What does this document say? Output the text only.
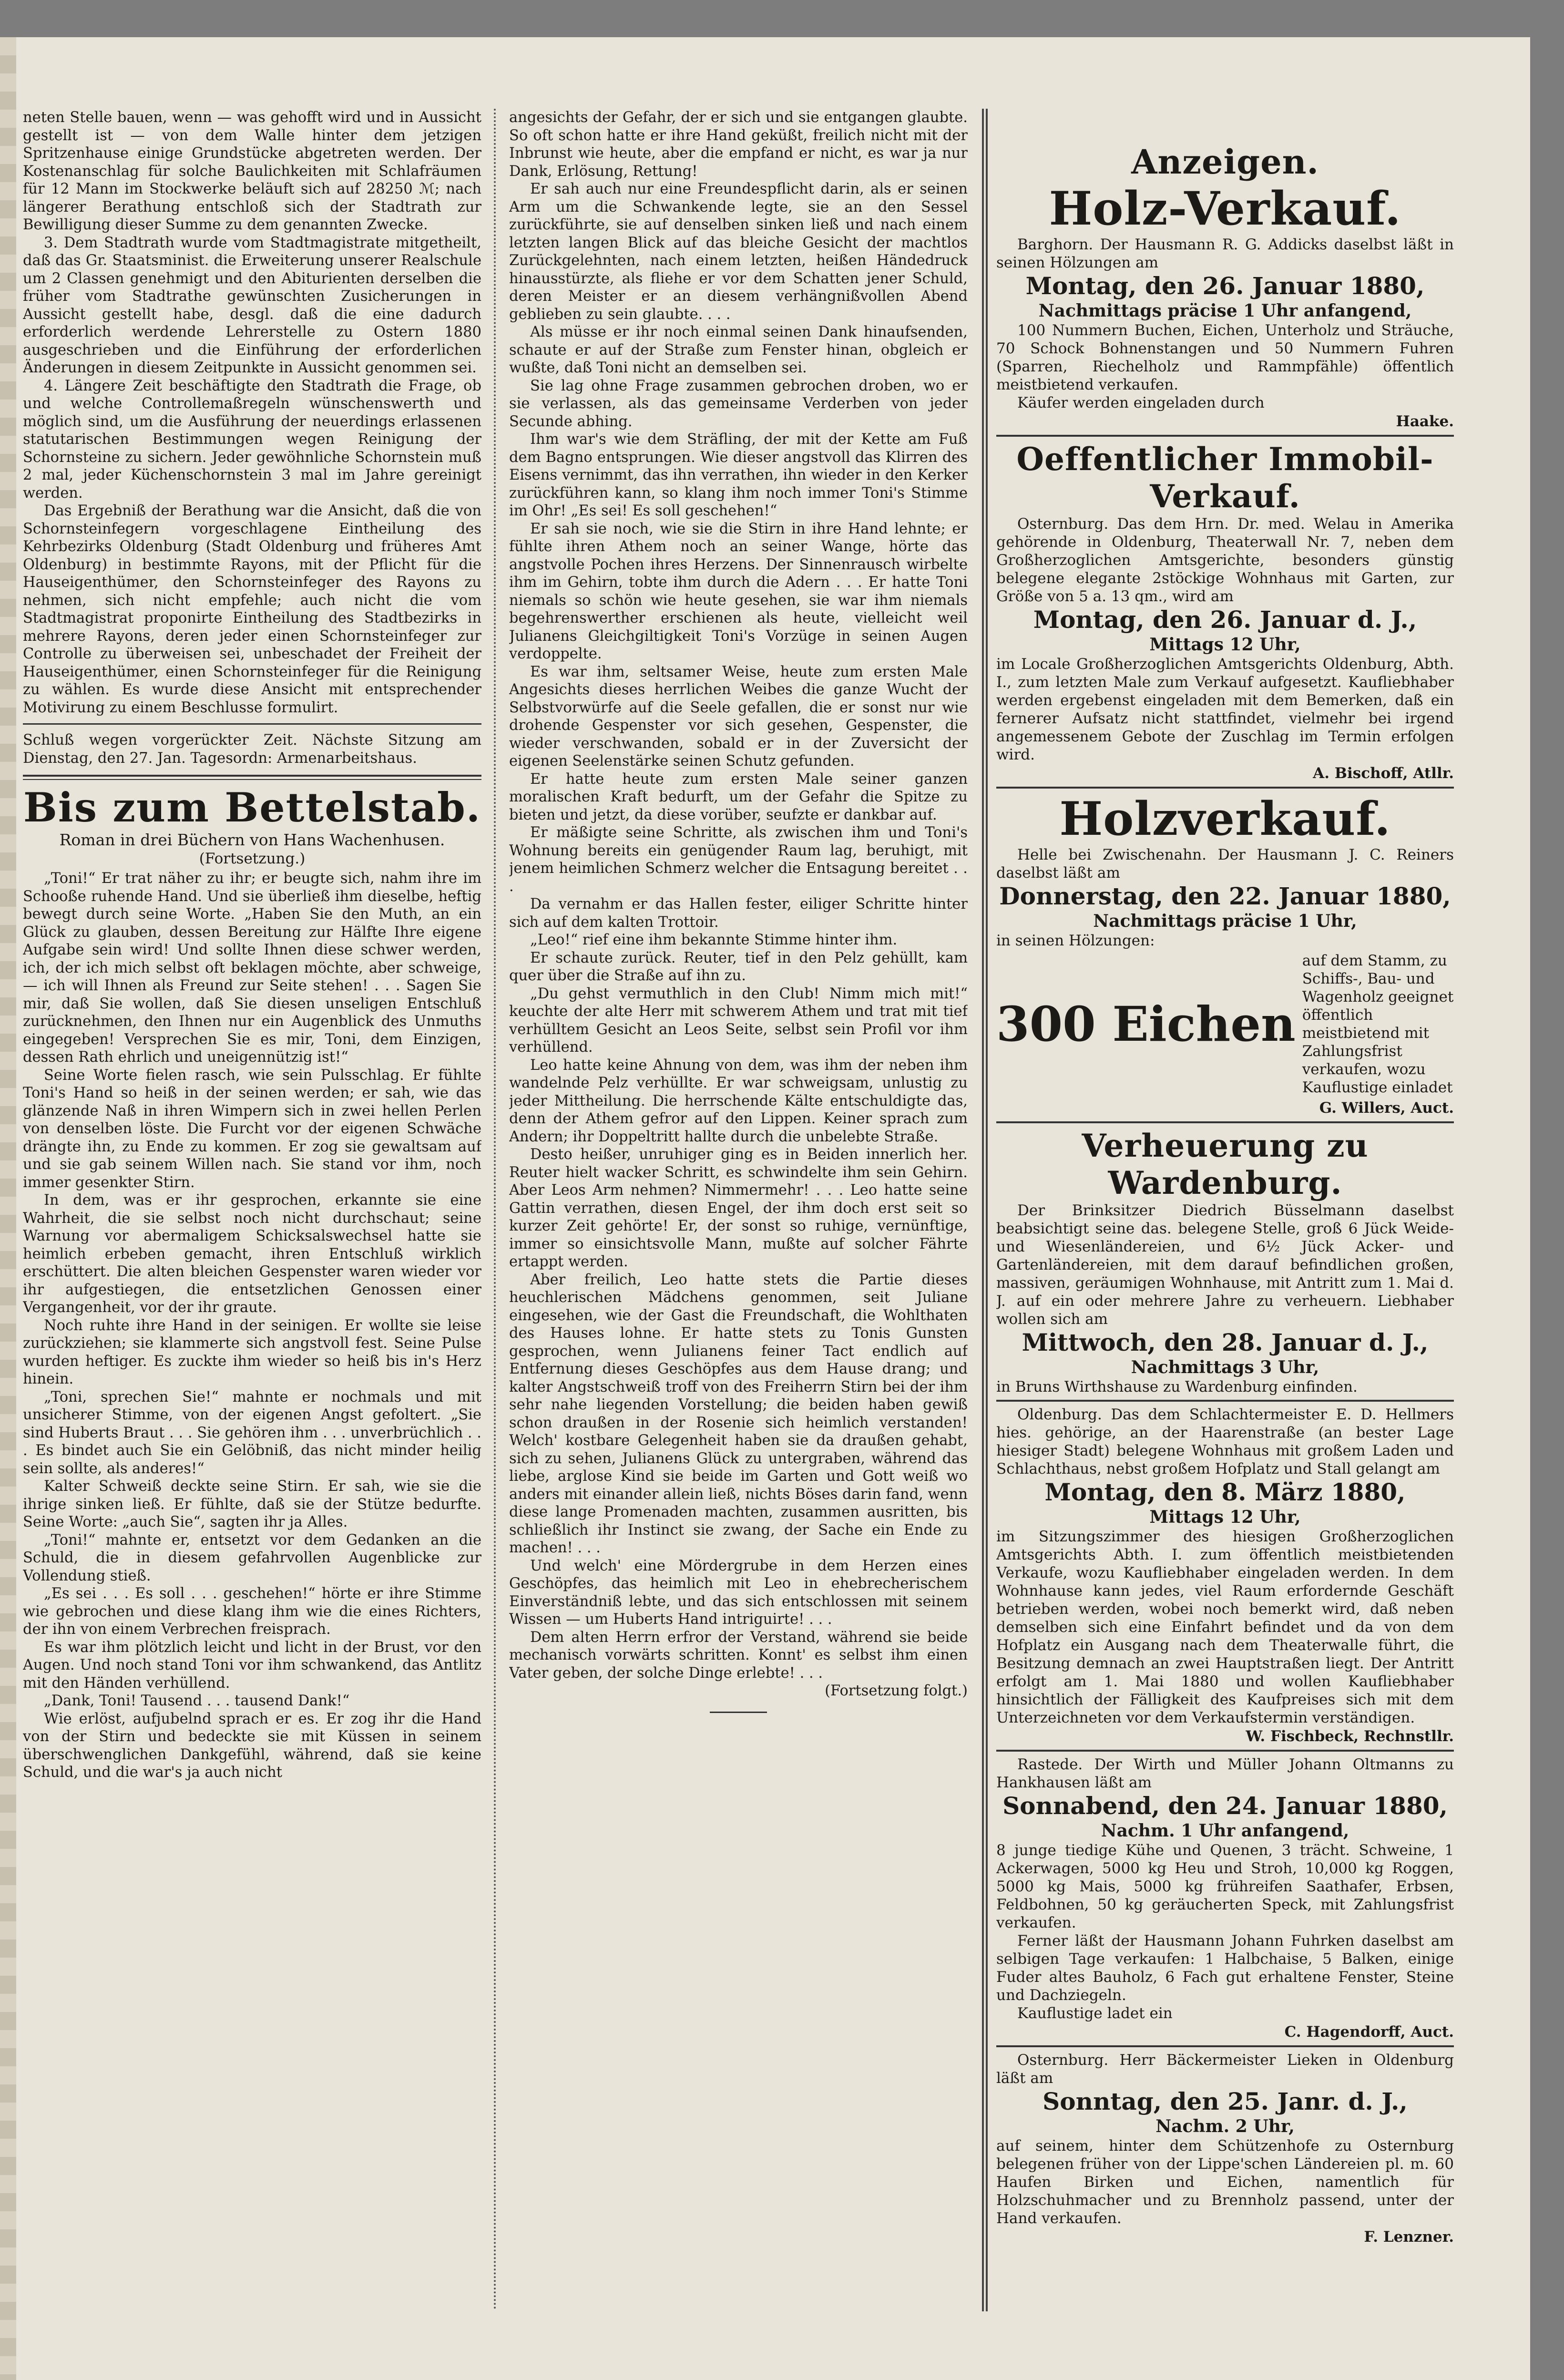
neten Stelle bauen, wenn — was gehofft wird und in Aussicht gestellt ist — von dem Walle hinter dem jetzigen Spritzenhause einige Grundstücke abgetreten werden. Der Kostenanschlag für solche Baulichkeiten mit Schlafräumen für 12 Mann im Stockwerke beläuft sich auf 28250 ℳ; nach längerer Berathung entschloß sich der Stadtrath zur Bewilligung dieser Summe zu dem genannten Zwecke.

3. Dem Stadtrath wurde vom Stadtmagistrate mitgetheilt, daß das Gr. Staatsminist. die Erweiterung unserer Realschule um 2 Classen genehmigt und den Abiturienten derselben die früher vom Stadtrathe gewünschten Zusicherungen in Aussicht gestellt habe, desgl. daß die eine dadurch erforderlich werdende Lehrerstelle zu Ostern 1880 ausgeschrieben und die Einführung der erforderlichen Änderungen in diesem Zeitpunkte in Aussicht genommen sei.

4. Längere Zeit beschäftigte den Stadtrath die Frage, ob und welche Controllemaßregeln wünschenswerth und möglich sind, um die Ausführung der neuerdings erlassenen statutarischen Bestimmungen wegen Reinigung der Schornsteine zu sichern. Jeder gewöhnliche Schornstein muß 2 mal, jeder Küchenschornstein 3 mal im Jahre gereinigt werden.

Das Ergebniß der Berathung war die Ansicht, daß die von Schornsteinfegern vorgeschlagene Eintheilung des Kehrbezirks Oldenburg (Stadt Oldenburg und früheres Amt Oldenburg) in bestimmte Rayons, mit der Pflicht für die Hauseigenthümer, den Schornsteinfeger des Rayons zu nehmen, sich nicht empfehle; auch nicht die vom Stadtmagistrat proponirte Eintheilung des Stadtbezirks in mehrere Rayons, deren jeder einen Schornsteinfeger zur Controlle zu überweisen sei, unbeschadet der Freiheit der Hauseigenthümer, einen Schornsteinfeger für die Reinigung zu wählen. Es wurde diese Ansicht mit entsprechender Motivirung zu einem Beschlusse formulirt.

Schluß wegen vorgerückter Zeit. Nächste Sitzung am Dienstag, den 27. Jan. Tagesordn: Armenarbeitshaus.

Bis zum Bettelstab.

Roman in drei Büchern von Hans Wachenhusen.

(Fortsetzung.)

„Toni!“ Er trat näher zu ihr; er beugte sich, nahm ihre im Schooße ruhende Hand. Und sie überließ ihm dieselbe, heftig bewegt durch seine Worte. „Haben Sie den Muth, an ein Glück zu glauben, dessen Bereitung zur Hälfte Ihre eigene Aufgabe sein wird! Und sollte Ihnen diese schwer werden, ich, der ich mich selbst oft beklagen möchte, aber schweige, — ich will Ihnen als Freund zur Seite stehen! . . . Sagen Sie mir, daß Sie wollen, daß Sie diesen unseligen Entschluß zurücknehmen, den Ihnen nur ein Augenblick des Unmuths eingegeben! Versprechen Sie es mir, Toni, dem Einzigen, dessen Rath ehrlich und uneigennützig ist!“

Seine Worte fielen rasch, wie sein Pulsschlag. Er fühlte Toni's Hand so heiß in der seinen werden; er sah, wie das glänzende Naß in ihren Wimpern sich in zwei hellen Perlen von denselben löste. Die Furcht vor der eigenen Schwäche drängte ihn, zu Ende zu kommen. Er zog sie gewaltsam auf und sie gab seinem Willen nach. Sie stand vor ihm, noch immer gesenkter Stirn.

In dem, was er ihr gesprochen, erkannte sie eine Wahrheit, die sie selbst noch nicht durchschaut; seine Warnung vor abermaligem Schicksalswechsel hatte sie heimlich erbeben gemacht, ihren Entschluß wirklich erschüttert. Die alten bleichen Gespenster waren wieder vor ihr aufgestiegen, die entsetzlichen Genossen einer Vergangenheit, vor der ihr graute.

Noch ruhte ihre Hand in der seinigen. Er wollte sie leise zurückziehen; sie klammerte sich angstvoll fest. Seine Pulse wurden heftiger. Es zuckte ihm wieder so heiß bis in's Herz hinein.

„Toni, sprechen Sie!“ mahnte er nochmals und mit unsicherer Stimme, von der eigenen Angst gefoltert. „Sie sind Huberts Braut . . . Sie gehören ihm . . . unverbrüchlich . . . Es bindet auch Sie ein Gelöbniß, das nicht minder heilig sein sollte, als anderes!“

Kalter Schweiß deckte seine Stirn. Er sah, wie sie die ihrige sinken ließ. Er fühlte, daß sie der Stütze bedurfte. Seine Worte: „auch Sie“, sagten ihr ja Alles.

„Toni!“ mahnte er, entsetzt vor dem Gedanken an die Schuld, die in diesem gefahrvollen Augenblicke zur Vollendung stieß.

„Es sei . . . Es soll . . . geschehen!“ hörte er ihre Stimme wie gebrochen und diese klang ihm wie die eines Richters, der ihn von einem Verbrechen freisprach.

Es war ihm plötzlich leicht und licht in der Brust, vor den Augen. Und noch stand Toni vor ihm schwankend, das Antlitz mit den Händen verhüllend.

„Dank, Toni! Tausend . . . tausend Dank!“

Wie erlöst, aufjubelnd sprach er es. Er zog ihr die Hand von der Stirn und bedeckte sie mit Küssen in seinem überschwenglichen Dankgefühl, während, daß sie keine Schuld, und die war's ja auch nicht

angesichts der Gefahr, der er sich und sie entgangen glaubte. So oft schon hatte er ihre Hand geküßt, freilich nicht mit der Inbrunst wie heute, aber die empfand er nicht, es war ja nur Dank, Erlösung, Rettung!

Er sah auch nur eine Freundespflicht darin, als er seinen Arm um die Schwankende legte, sie an den Sessel zurückführte, sie auf denselben sinken ließ und nach einem letzten langen Blick auf das bleiche Gesicht der machtlos Zurückgelehnten, nach einem letzten, heißen Händedruck hinausstürzte, als fliehe er vor dem Schatten jener Schuld, deren Meister er an diesem verhängnißvollen Abend geblieben zu sein glaubte. . . .

Als müsse er ihr noch einmal seinen Dank hinaufsenden, schaute er auf der Straße zum Fenster hinan, obgleich er wußte, daß Toni nicht an demselben sei.

Sie lag ohne Frage zusammen gebrochen droben, wo er sie verlassen, als das gemeinsame Verderben von jeder Secunde abhing.

Ihm war's wie dem Sträfling, der mit der Kette am Fuß dem Bagno entsprungen. Wie dieser angstvoll das Klirren des Eisens vernimmt, das ihn verrathen, ihn wieder in den Kerker zurückführen kann, so klang ihm noch immer Toni's Stimme im Ohr! „Es sei! Es soll geschehen!“

Er sah sie noch, wie sie die Stirn in ihre Hand lehnte; er fühlte ihren Athem noch an seiner Wange, hörte das angstvolle Pochen ihres Herzens. Der Sinnenrausch wirbelte ihm im Gehirn, tobte ihm durch die Adern . . . Er hatte Toni niemals so schön wie heute gesehen, sie war ihm niemals begehrenswerther erschienen als heute, vielleicht weil Julianens Gleichgiltigkeit Toni's Vorzüge in seinen Augen verdoppelte.

Es war ihm, seltsamer Weise, heute zum ersten Male Angesichts dieses herrlichen Weibes die ganze Wucht der Selbstvorwürfe auf die Seele gefallen, die er sonst nur wie drohende Gespenster vor sich gesehen, Gespenster, die wieder verschwanden, sobald er in der Zuversicht der eigenen Seelenstärke seinen Schutz gefunden.

Er hatte heute zum ersten Male seiner ganzen moralischen Kraft bedurft, um der Gefahr die Spitze zu bieten und jetzt, da diese vorüber, seufzte er dankbar auf.

Er mäßigte seine Schritte, als zwischen ihm und Toni's Wohnung bereits ein genügender Raum lag, beruhigt, mit jenem heimlichen Schmerz welcher die Entsagung bereitet . . .

Da vernahm er das Hallen fester, eiliger Schritte hinter sich auf dem kalten Trottoir.

„Leo!“ rief eine ihm bekannte Stimme hinter ihm.

Er schaute zurück. Reuter, tief in den Pelz gehüllt, kam quer über die Straße auf ihn zu.

„Du gehst vermuthlich in den Club! Nimm mich mit!“ keuchte der alte Herr mit schwerem Athem und trat mit tief verhülltem Gesicht an Leos Seite, selbst sein Profil vor ihm verhüllend.

Leo hatte keine Ahnung von dem, was ihm der neben ihm wandelnde Pelz verhüllte. Er war schweigsam, unlustig zu jeder Mittheilung. Die herrschende Kälte entschuldigte das, denn der Athem gefror auf den Lippen. Keiner sprach zum Andern; ihr Doppeltritt hallte durch die unbelebte Straße.

Desto heißer, unruhiger ging es in Beiden innerlich her. Reuter hielt wacker Schritt, es schwindelte ihm sein Gehirn. Aber Leos Arm nehmen? Nimmermehr! . . . Leo hatte seine Gattin verrathen, diesen Engel, der ihm doch erst seit so kurzer Zeit gehörte! Er, der sonst so ruhige, vernünftige, immer so einsichtsvolle Mann, mußte auf solcher Fährte ertappt werden.

Aber freilich, Leo hatte stets die Partie dieses heuchlerischen Mädchens genommen, seit Juliane eingesehen, wie der Gast die Freundschaft, die Wohlthaten des Hauses lohne. Er hatte stets zu Tonis Gunsten gesprochen, wenn Julianens feiner Tact endlich auf Entfernung dieses Geschöpfes aus dem Hause drang; und kalter Angstschweiß troff von des Freiherrn Stirn bei der ihm sehr nahe liegenden Vorstellung; die beiden haben gewiß schon draußen in der Rosenie sich heimlich verstanden! Welch' kostbare Gelegenheit haben sie da draußen gehabt, sich zu sehen, Julianens Glück zu untergraben, während das liebe, arglose Kind sie beide im Garten und Gott weiß wo anders mit einander allein ließ, nichts Böses darin fand, wenn diese lange Promenaden machten, zusammen ausritten, bis schließlich ihr Instinct sie zwang, der Sache ein Ende zu machen! . . .

Und welch' eine Mördergrube in dem Herzen eines Geschöpfes, das heimlich mit Leo in ehebrecherischem Einverständniß lebte, und das sich entschlossen mit seinem Wissen — um Huberts Hand intriguirte! . . .

Dem alten Herrn erfror der Verstand, während sie beide mechanisch vorwärts schritten. Konnt' es selbst ihm einen Vater geben, der solche Dinge erlebte! . . .

(Fortsetzung folgt.)

Anzeigen.

Holz-Verkauf.

Barghorn. Der Hausmann R. G. Addicks daselbst läßt in seinen Hölzungen am

Montag, den 26. Januar 1880,

Nachmittags präcise 1 Uhr anfangend,

100 Nummern Buchen, Eichen, Unterholz und Sträuche, 70 Schock Bohnenstangen und 50 Nummern Fuhren (Sparren, Riechelholz und Rammpfähle) öffentlich meistbietend verkaufen.

Käufer werden eingeladen durch

Haake.

Oeffentlicher Immobil-Verkauf.

Osternburg. Das dem Hrn. Dr. med. Welau in Amerika gehörende in Oldenburg, Theaterwall Nr. 7, neben dem Großherzoglichen Amtsgerichte, besonders günstig belegene elegante 2stöckige Wohnhaus mit Garten, zur Größe von 5 a. 13 qm., wird am

Montag, den 26. Januar d. J.,

Mittags 12 Uhr,

im Locale Großherzoglichen Amtsgerichts Oldenburg, Abth. I., zum letzten Male zum Verkauf aufgesetzt. Kaufliebhaber werden ergebenst eingeladen mit dem Bemerken, daß ein fernerer Aufsatz nicht stattfindet, vielmehr bei irgend angemessenem Gebote der Zuschlag im Termin erfolgen wird.

A. Bischoff, Atllr.

Holzverkauf.

Helle bei Zwischenahn. Der Hausmann J. C. Reiners daselbst läßt am

Donnerstag, den 22. Januar 1880,

Nachmittags präcise 1 Uhr,

in seinen Hölzungen:

300 Eichen
auf dem Stamm, zu Schiffs-, Bau- und Wagenholz geeignet öffentlich meistbietend mit Zahlungsfrist verkaufen, wozu Kauflustige einladet

G. Willers, Auct.

Verheuerung zu Wardenburg.

Der Brinksitzer Diedrich Büsselmann daselbst beabsichtigt seine das. belegene Stelle, groß 6 Jück Weide- und Wiesenländereien, und 6½ Jück Acker- und Gartenländereien, mit dem darauf befindlichen großen, massiven, geräumigen Wohnhause, mit Antritt zum 1. Mai d. J. auf ein oder mehrere Jahre zu verheuern. Liebhaber wollen sich am

Mittwoch, den 28. Januar d. J.,

Nachmittags 3 Uhr,

in Bruns Wirthshause zu Wardenburg einfinden.

Oldenburg. Das dem Schlachtermeister E. D. Hellmers hies. gehörige, an der Haarenstraße (an bester Lage hiesiger Stadt) belegene Wohnhaus mit großem Laden und Schlachthaus, nebst großem Hofplatz und Stall gelangt am

Montag, den 8. März 1880,

Mittags 12 Uhr,

im Sitzungszimmer des hiesigen Großherzoglichen Amtsgerichts Abth. I. zum öffentlich meistbietenden Verkaufe, wozu Kaufliebhaber eingeladen werden. In dem Wohnhause kann jedes, viel Raum erfordernde Geschäft betrieben werden, wobei noch bemerkt wird, daß neben demselben sich eine Einfahrt befindet und da von dem Hofplatz ein Ausgang nach dem Theaterwalle führt, die Besitzung demnach an zwei Hauptstraßen liegt. Der Antritt erfolgt am 1. Mai 1880 und wollen Kaufliebhaber hinsichtlich der Fälligkeit des Kaufpreises sich mit dem Unterzeichneten vor dem Verkaufstermin verständigen.

W. Fischbeck, Rechnstllr.

Rastede. Der Wirth und Müller Johann Oltmanns zu Hankhausen läßt am

Sonnabend, den 24. Januar 1880,

Nachm. 1 Uhr anfangend,

8 junge tiedige Kühe und Quenen, 3 trächt. Schweine, 1 Ackerwagen, 5000 kg Heu und Stroh, 10,000 kg Roggen, 5000 kg Mais, 5000 kg frühreifen Saathafer, Erbsen, Feldbohnen, 50 kg geräucherten Speck, mit Zahlungsfrist verkaufen.

Ferner läßt der Hausmann Johann Fuhrken daselbst am selbigen Tage verkaufen: 1 Halbchaise, 5 Balken, einige Fuder altes Bauholz, 6 Fach gut erhaltene Fenster, Steine und Dachziegeln.

Kauflustige ladet ein

C. Hagendorff, Auct.

Osternburg. Herr Bäckermeister Lieken in Oldenburg läßt am

Sonntag, den 25. Janr. d. J.,

Nachm. 2 Uhr,

auf seinem, hinter dem Schützenhofe zu Osternburg belegenen früher von der Lippe'schen Ländereien pl. m. 60 Haufen Birken und Eichen, namentlich für Holzschuhmacher und zu Brennholz passend, unter der Hand verkaufen.

F. Lenzner.
